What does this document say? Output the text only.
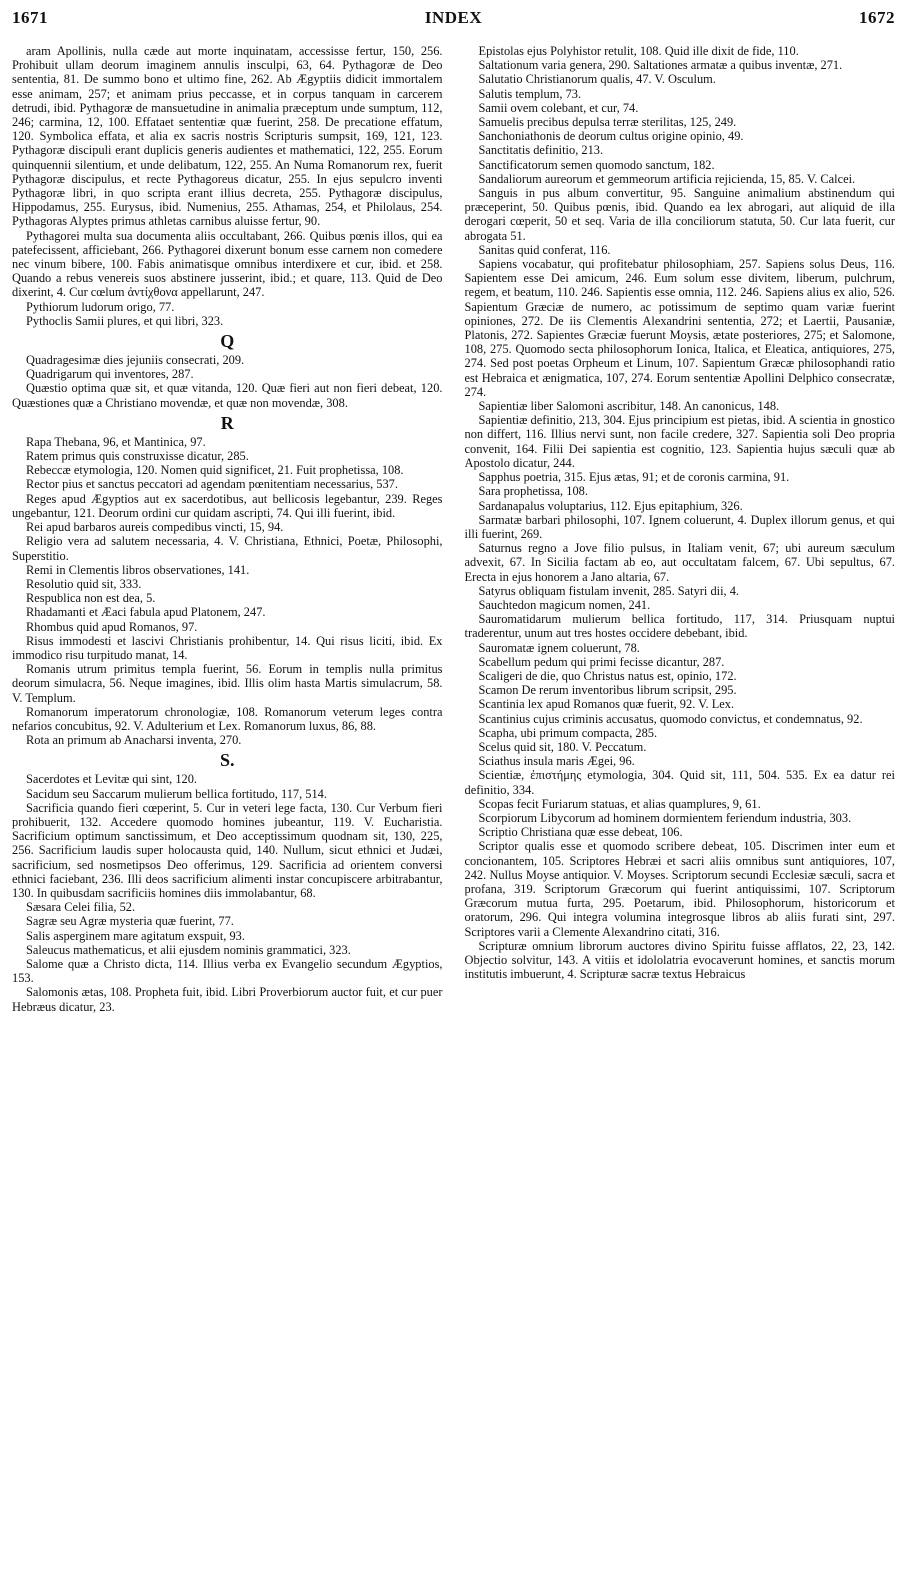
1671	INDEX	1672

aram Apollinis, nulla cæde aut morte inquinatam, accessisse fertur, 150, 256. Prohibuit ullam deorum imaginem annulis insculpi, 63, 64. Pythagoræ de Deo sententia, 81. De summo bono et ultimo fine, 262. Ab Ægyptiis didicit immortalem esse animam, 257; et animam prius peccasse, et in corpus tanquam in carcerem detrudi, ibid. Pythagoræ de mansuetudine in animalia præceptum unde sumptum, 112, 246; carmina, 12, 100. Effataet sententiæ quæ fuerint, 258. De precatione effatum, 120. Symbolica effata, et alia ex sacris nostris Scripturis sumpsit, 169, 121, 123. Pythagoræ discipuli erant duplicis generis audientes et mathematici, 122, 255. Eorum quinquennii silentium, et unde delibatum, 122, 255. An Numa Romanorum rex, fuerit Pythagoræ discipulus, et recte Pythagoreus dicatur, 255. In ejus sepulcro inventi Pythagoræ libri, in quo scripta erant illius decreta, 255. Pythagoræ discipulus, Hippodamus, 255. Eurysus, ibid. Numenius, 255. Athamas, 254, et Philolaus, 254. Pythagoras Alyptes primus athletas carnibus aluisse fertur, 90.

Pythagorei multa sua documenta aliis occultabant, 266. Quibus pœnis illos, qui ea patefecissent, afficiebant, 266. Pythagorei dixerunt bonum esse carnem non comedere nec vinum bibere, 100. Fabis animatisque omnibus interdixere et cur, ibid. et 258. Quando a rebus venereis suos abstinere jusserint, ibid.; et quare, 113. Quid de Deo dixerint, 4. Cur cœlum ἀντίχθονα appellarunt, 247.

Pythiorum ludorum origo, 77.

Pythoclis Samii plures, et qui libri, 323.

Q

Quadragesimæ dies jejuniis consecrati, 209.

Quadrigarum qui inventores, 287.

Quæstio optima quæ sit, et quæ vitanda, 120. Quæ fieri aut non fieri debeat, 120. Quæstiones quæ a Christiano movendæ, et quæ non movendæ, 308.

R

Rapa Thebana, 96, et Mantinica, 97.

Ratem primus quis construxisse dicatur, 285.

Rebeccæ etymologia, 120. Nomen quid significet, 21. Fuit prophetissa, 108.

Rector pius et sanctus peccatori ad agendam pœnitentiam necessarius, 537.

Reges apud Ægyptios aut ex sacerdotibus, aut bellicosis legebantur, 239. Reges ungebantur, 121. Deorum ordini cur quidam ascripti, 74. Qui illi fuerint, ibid.

Rei apud barbaros aureis compedibus vincti, 15, 94.

Religio vera ad salutem necessaria, 4. V. Christiana, Ethnici, Poetæ, Philosophi, Superstitio.

Remi in Clementis libros observationes, 141.

Resolutio quid sit, 333.

Respublica non est dea, 5.

Rhadamanti et Æaci fabula apud Platonem, 247.

Rhombus quid apud Romanos, 97.

Risus immodesti et lascivi Christianis prohibentur, 14. Qui risus liciti, ibid. Ex immodico risu turpitudo manat, 14.

Romanis utrum primitus templa fuerint, 56. Eorum in templis nulla primitus deorum simulacra, 56. Neque imagines, ibid. Illis olim hasta Martis simulacrum, 58. V. Templum.

Romanorum imperatorum chronologiæ, 108. Romanorum veterum leges contra nefarios concubitus, 92. V. Adulterium et Lex. Romanorum luxus, 86, 88.

Rota an primum ab Anacharsi inventa, 270.

S.

Sacerdotes et Levitæ qui sint, 120.

Sacidum seu Saccarum mulierum bellica fortitudo, 117, 514.

Sacrificia quando fieri cœperint, 5. Cur in veteri lege facta, 130. Cur Verbum fieri prohibuerit, 132. Accedere quomodo homines jubeantur, 119. V. Eucharistia. Sacrificium optimum sanctissimum, et Deo acceptissimum quodnam sit, 130, 225, 256. Sacrificium laudis super holocausta quid, 140. Nullum, sicut ethnici et Judæi, sacrificium, sed nosmetipsos Deo offerimus, 129. Sacrificia ad orientem conversi ethnici faciebant, 236. Illi deos sacrificium alimenti instar concupiscere arbitrabantur, 130. In quibusdam sacrificiis homines diis immolabantur, 68.

Sæsara Celei filia, 52.

Sagræ seu Agræ mysteria quæ fuerint, 77.

Salis asperginem mare agitatum exspuit, 93.

Saleucus mathematicus, et alii ejusdem nominis grammatici, 323.

Salome quæ a Christo dicta, 114. Illius verba ex Evangelio secundum Ægyptios, 153.

Salomonis ætas, 108. Propheta fuit, ibid. Libri Proverbiorum auctor fuit, et cur puer Hebræus dicatur, 23.

Epistolas ejus Polyhistor retulit, 108. Quid ille dixit de fide, 110.

Saltationum varia genera, 290. Saltationes armatæ a quibus inventæ, 271.

Salutatio Christianorum qualis, 47. V. Osculum.

Salutis templum, 73.

Samii ovem colebant, et cur, 74.

Samuelis precibus depulsa terræ sterilitas, 125, 249.

Sanchoniathonis de deorum cultus origine opinio, 49.

Sanctitatis definitio, 213.

Sanctificatorum semen quomodo sanctum, 182.

Sandaliorum aureorum et gemmeorum artificia rejicienda, 15, 85. V. Calcei.

Sanguis in pus album convertitur, 95. Sanguine animalium abstinendum qui præceperint, 50. Quibus pœnis, ibid. Quando ea lex abrogari, aut aliquid de illa derogari cœperit, 50 et seq. Varia de illa conciliorum statuta, 50. Cur lata fuerit, cur abrogata 51.

Sanitas quid conferat, 116.

Sapiens vocabatur, qui profitebatur philosophiam, 257. Sapiens solus Deus, 116. Sapientem esse Dei amicum, 246. Eum solum esse divitem, liberum, pulchrum, regem, et beatum, 110. 246. Sapientis esse omnia, 112. 246. Sapiens alius ex alio, 526. Sapientum Græciæ de numero, ac potissimum de septimo quam variæ fuerint opiniones, 272. De iis Clementis Alexandrini sententia, 272; et Laertii, Pausaniæ, Platonis, 272. Sapientes Græciæ fuerunt Moysis, ætate posteriores, 275; et Salomone, 108, 275. Quomodo secta philosophorum Ionica, Italica, et Eleatica, antiquiores, 275, 274. Sed post poetas Orpheum et Linum, 107. Sapientum Græcæ philosophandi ratio est Hebraica et ænigmatica, 107, 274. Eorum sententiæ Apollini Delphico consecratæ, 274.

Sapientiæ liber Salomoni ascribitur, 148. An canonicus, 148.

Sapientiæ definitio, 213, 304. Ejus principium est pietas, ibid. A scientia in gnostico non differt, 116. Illius nervi sunt, non facile credere, 327. Sapientia soli Deo propria convenit, 164. Filii Dei sapientia est cognitio, 123. Sapientia hujus sæculi quæ ab Apostolo dicatur, 244.

Sapphus poetria, 315. Ejus ætas, 91; et de coronis carmina, 91.

Sara prophetissa, 108.

Sardanapalus voluptarius, 112. Ejus epitaphium, 326.

Sarmatæ barbari philosophi, 107. Ignem coluerunt, 4. Duplex illorum genus, et qui illi fuerint, 269.

Saturnus regno a Jove filio pulsus, in Italiam venit, 67; ubi aureum sæculum advexit, 67. In Sicilia factam ab eo, aut occultatam falcem, 67. Ubi sepultus, 67. Erecta in ejus honorem a Jano altaria, 67.

Satyrus obliquam fistulam invenit, 285. Satyri dii, 4.

Sauchtedon magicum nomen, 241.

Sauromatidarum mulierum bellica fortitudo, 117, 314. Priusquam nuptui traderentur, unum aut tres hostes occidere debebant, ibid.

Sauromatæ ignem coluerunt, 78.

Scabellum pedum qui primi fecisse dicantur, 287.

Scaligeri de die, quo Christus natus est, opinio, 172.

Scamon De rerum inventoribus librum scripsit, 295.

Scantinia lex apud Romanos quæ fuerit, 92. V. Lex.

Scantinius cujus criminis accusatus, quomodo convictus, et condemnatus, 92.

Scapha, ubi primum compacta, 285.

Scelus quid sit, 180. V. Peccatum.

Sciathus insula maris Ægei, 96.

Scientiæ, ἐπιστήμης etymologia, 304. Quid sit, 111, 504. 535. Ex ea datur rei definitio, 334.

Scopas fecit Furiarum statuas, et alias quamplures, 9, 61.

Scorpiorum Libycorum ad hominem dormientem feriendum industria, 303.

Scriptio Christiana quæ esse debeat, 106.

Scriptor qualis esse et quomodo scribere debeat, 105. Discrimen inter eum et concionantem, 105. Scriptores Hebræi et sacri aliis omnibus sunt antiquiores, 107, 242. Nullus Moyse antiquior. V. Moyses. Scriptorum secundi Ecclesiæ sæculi, sacra et profana, 319. Scriptorum Græcorum qui fuerint antiquissimi, 107. Scriptorum Græcorum mutua furta, 295. Poetarum, ibid. Philosophorum, historicorum et oratorum, 296. Qui integra volumina integrosque libros ab aliis furati sint, 297. Scriptores varii a Clemente Alexandrino citati, 316.

Scripturæ omnium librorum auctores divino Spiritu fuisse afflatos, 22, 23, 142. Objectio solvitur, 143. A vitiis et idololatria evocaverunt homines, et sanctis morum institutis imbuerunt, 4. Scripturæ sacræ textus Hebraicus
